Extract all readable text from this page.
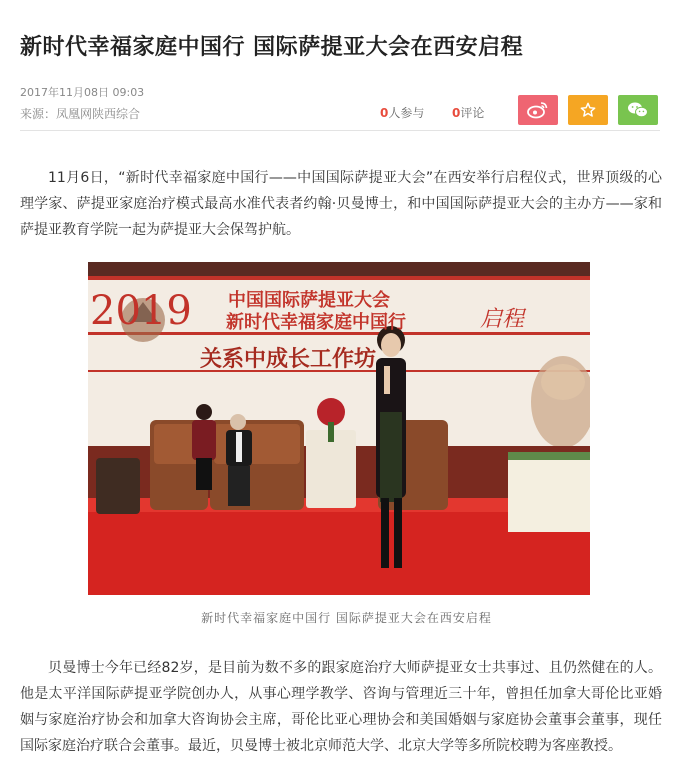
新时代幸福家庭中国行 国际萨提亚大会在西安启程
2017年11月08日 09:03
来源：凤凰网陕西综合	0人参与 0评论

11月6日，“新时代幸福家庭中国行——中国国际萨提亚大会”在西安举行启程仪式，世界顶级的心理学家、萨提亚家庭治疗模式最高水准代表者约翰·贝曼博士，和中国国际萨提亚大会的主办方——家和萨提亚教育学院一起为萨提亚大会保驾护航。

2019 中国国际萨提亚大会
新时代幸福家庭中国行	启程
关系中成长工作坊
新时代幸福家庭中国行 国际萨提亚大会在西安启程

贝曼博士今年已经82岁，是目前为数不多的跟家庭治疗大师萨提亚女士共事过、且仍然健在的人。他是太平洋国际萨提亚学院创办人，从事心理学教学、咨询与管理近三十年，曾担任加拿大哥伦比亚婚姻与家庭治疗协会和加拿大咨询协会主席，哥伦比亚心理协会和美国婚姻与家庭协会董事会董事，现任国际家庭治疗联合会董事。最近，贝曼博士被北京师范大学、北京大学等多所院校聘为客座教授。
